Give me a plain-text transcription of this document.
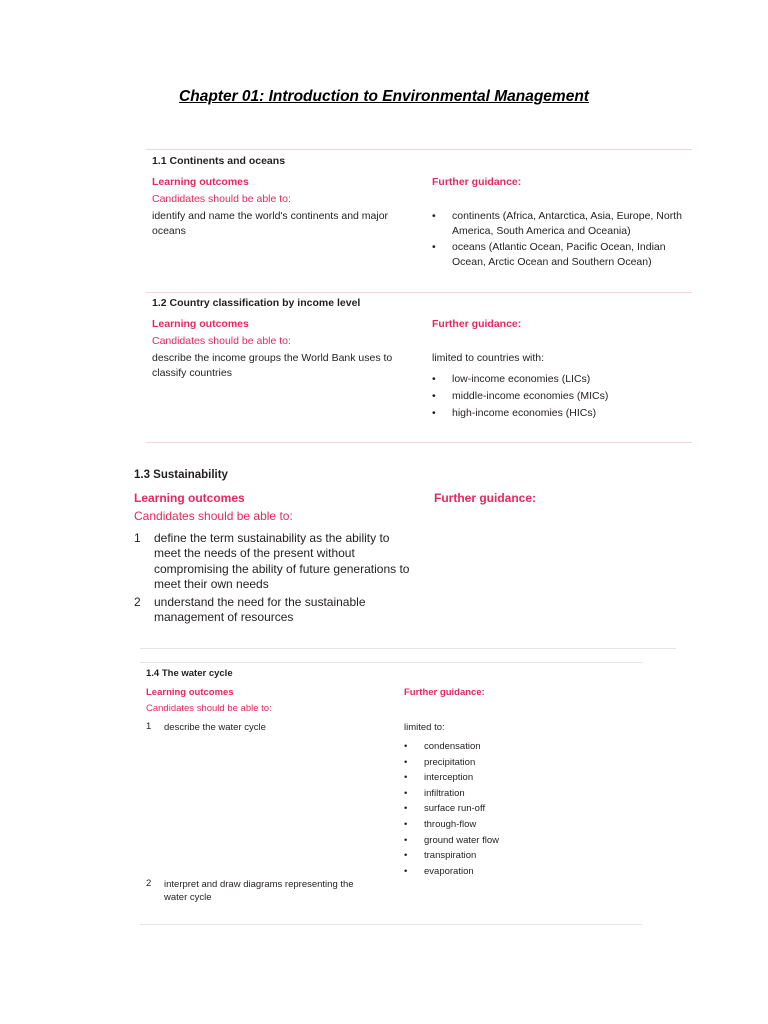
Chapter 01: Introduction to Environmental Management
1.1 Continents and oceans
Learning outcomes
Candidates should be able to:
identify and name the world's continents and major oceans
Further guidance:
• continents (Africa, Antarctica, Asia, Europe, North America, South America and Oceania)
• oceans (Atlantic Ocean, Pacific Ocean, Indian Ocean, Arctic Ocean and Southern Ocean)
1.2 Country classification by income level
Learning outcomes
Candidates should be able to:
describe the income groups the World Bank uses to classify countries
Further guidance:
limited to countries with:
• low-income economies (LICs)
• middle-income economies (MICs)
• high-income economies (HICs)
1.3 Sustainability
Learning outcomes
Candidates should be able to:
Further guidance:
1 define the term sustainability as the ability to meet the needs of the present without compromising the ability of future generations to meet their own needs
2 understand the need for the sustainable management of resources
1.4 The water cycle
Learning outcomes
Candidates should be able to:
Further guidance:
1 describe the water cycle
2 interpret and draw diagrams representing the water cycle
limited to:
• condensation
• precipitation
• interception
• infiltration
• surface run-off
• through-flow
• ground water flow
• transpiration
• evaporation
